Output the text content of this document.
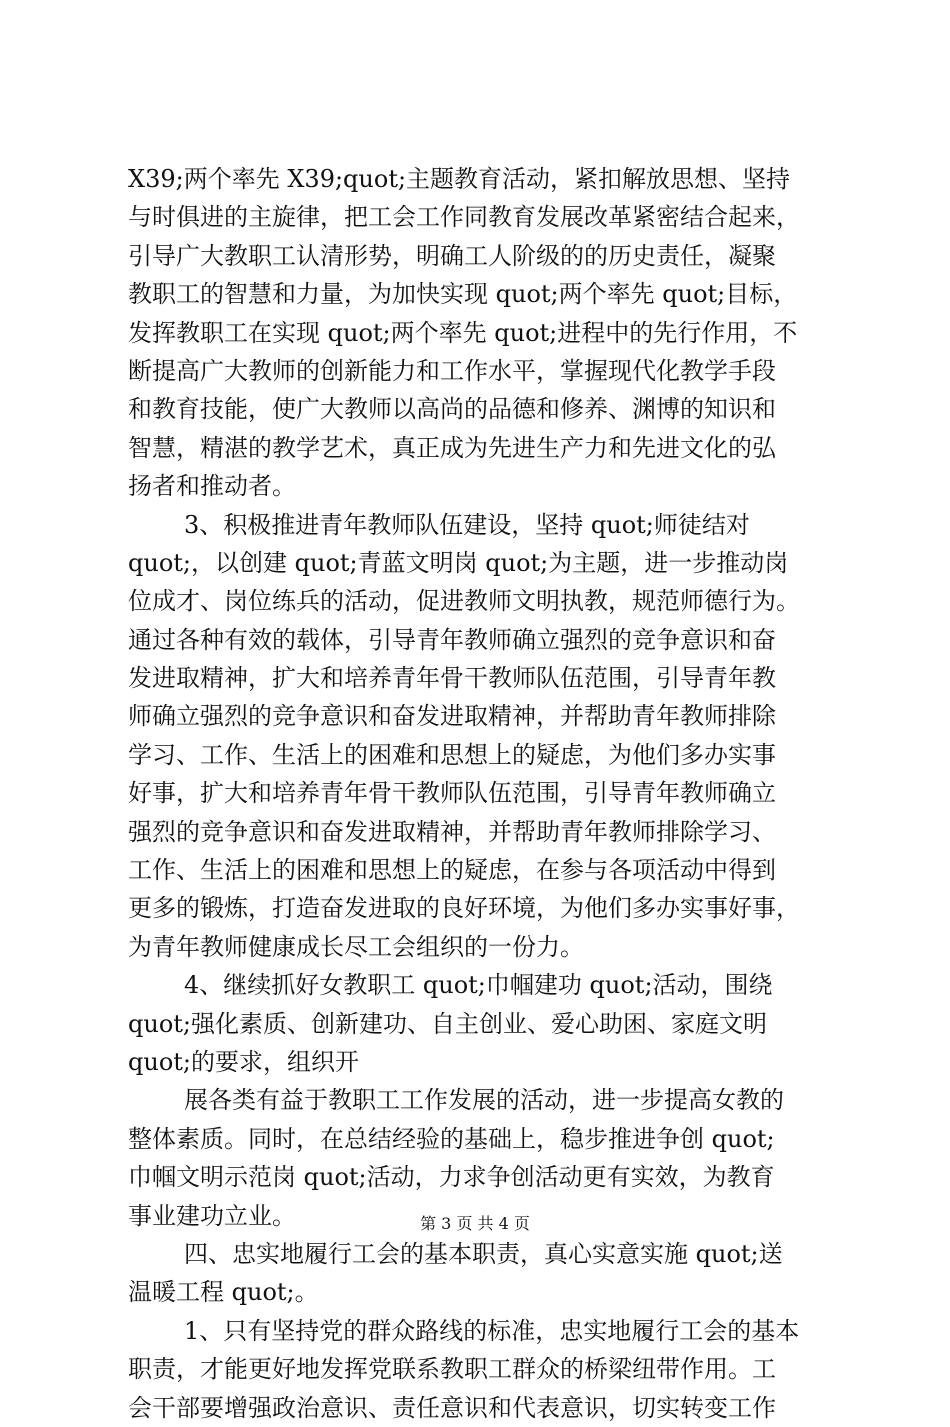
X39;两个率先 X39;quot;主题教育活动，紧扣解放思想、坚持
与时俱进的主旋律，把工会工作同教育发展改革紧密结合起来，
引导广大教职工认清形势，明确工人阶级的的历史责任，凝聚
教职工的智慧和力量，为加快实现 quot;两个率先 quot;目标，
发挥教职工在实现 quot;两个率先 quot;进程中的先行作用，不
断提高广大教师的创新能力和工作水平，掌握现代化教学手段
和教育技能，使广大教师以高尚的品德和修养、渊博的知识和
智慧，精湛的教学艺术，真正成为先进生产力和先进文化的弘
扬者和推动者。
3、积极推进青年教师队伍建设，坚持 quot;师徒结对
quot;，以创建 quot;青蓝文明岗 quot;为主题，进一步推动岗
位成才、岗位练兵的活动，促进教师文明执教，规范师德行为。
通过各种有效的载体，引导青年教师确立强烈的竞争意识和奋
发进取精神，扩大和培养青年骨干教师队伍范围，引导青年教
师确立强烈的竞争意识和奋发进取精神，并帮助青年教师排除
学习、工作、生活上的困难和思想上的疑虑，为他们多办实事
好事，扩大和培养青年骨干教师队伍范围，引导青年教师确立
强烈的竞争意识和奋发进取精神，并帮助青年教师排除学习、
工作、生活上的困难和思想上的疑虑，在参与各项活动中得到
更多的锻炼，打造奋发进取的良好环境，为他们多办实事好事，
为青年教师健康成长尽工会组织的一份力。
4、继续抓好女教职工 quot;巾帼建功 quot;活动，围绕
quot;强化素质、创新建功、自主创业、爱心助困、家庭文明
quot;的要求，组织开
展各类有益于教职工工作发展的活动，进一步提高女教的
整体素质。同时，在总结经验的基础上，稳步推进争创 quot;
巾帼文明示范岗 quot;活动，力求争创活动更有实效，为教育
事业建功立业。
四、忠实地履行工会的基本职责，真心实意实施 quot;送
温暖工程 quot;。
1、只有坚持党的群众路线的标准，忠实地履行工会的基本
职责，才能更好地发挥党联系教职工群众的桥梁纽带作用。工
会干部要增强政治意识、责任意识和代表意识，切实转变工作
第 3 页 共 4 页
